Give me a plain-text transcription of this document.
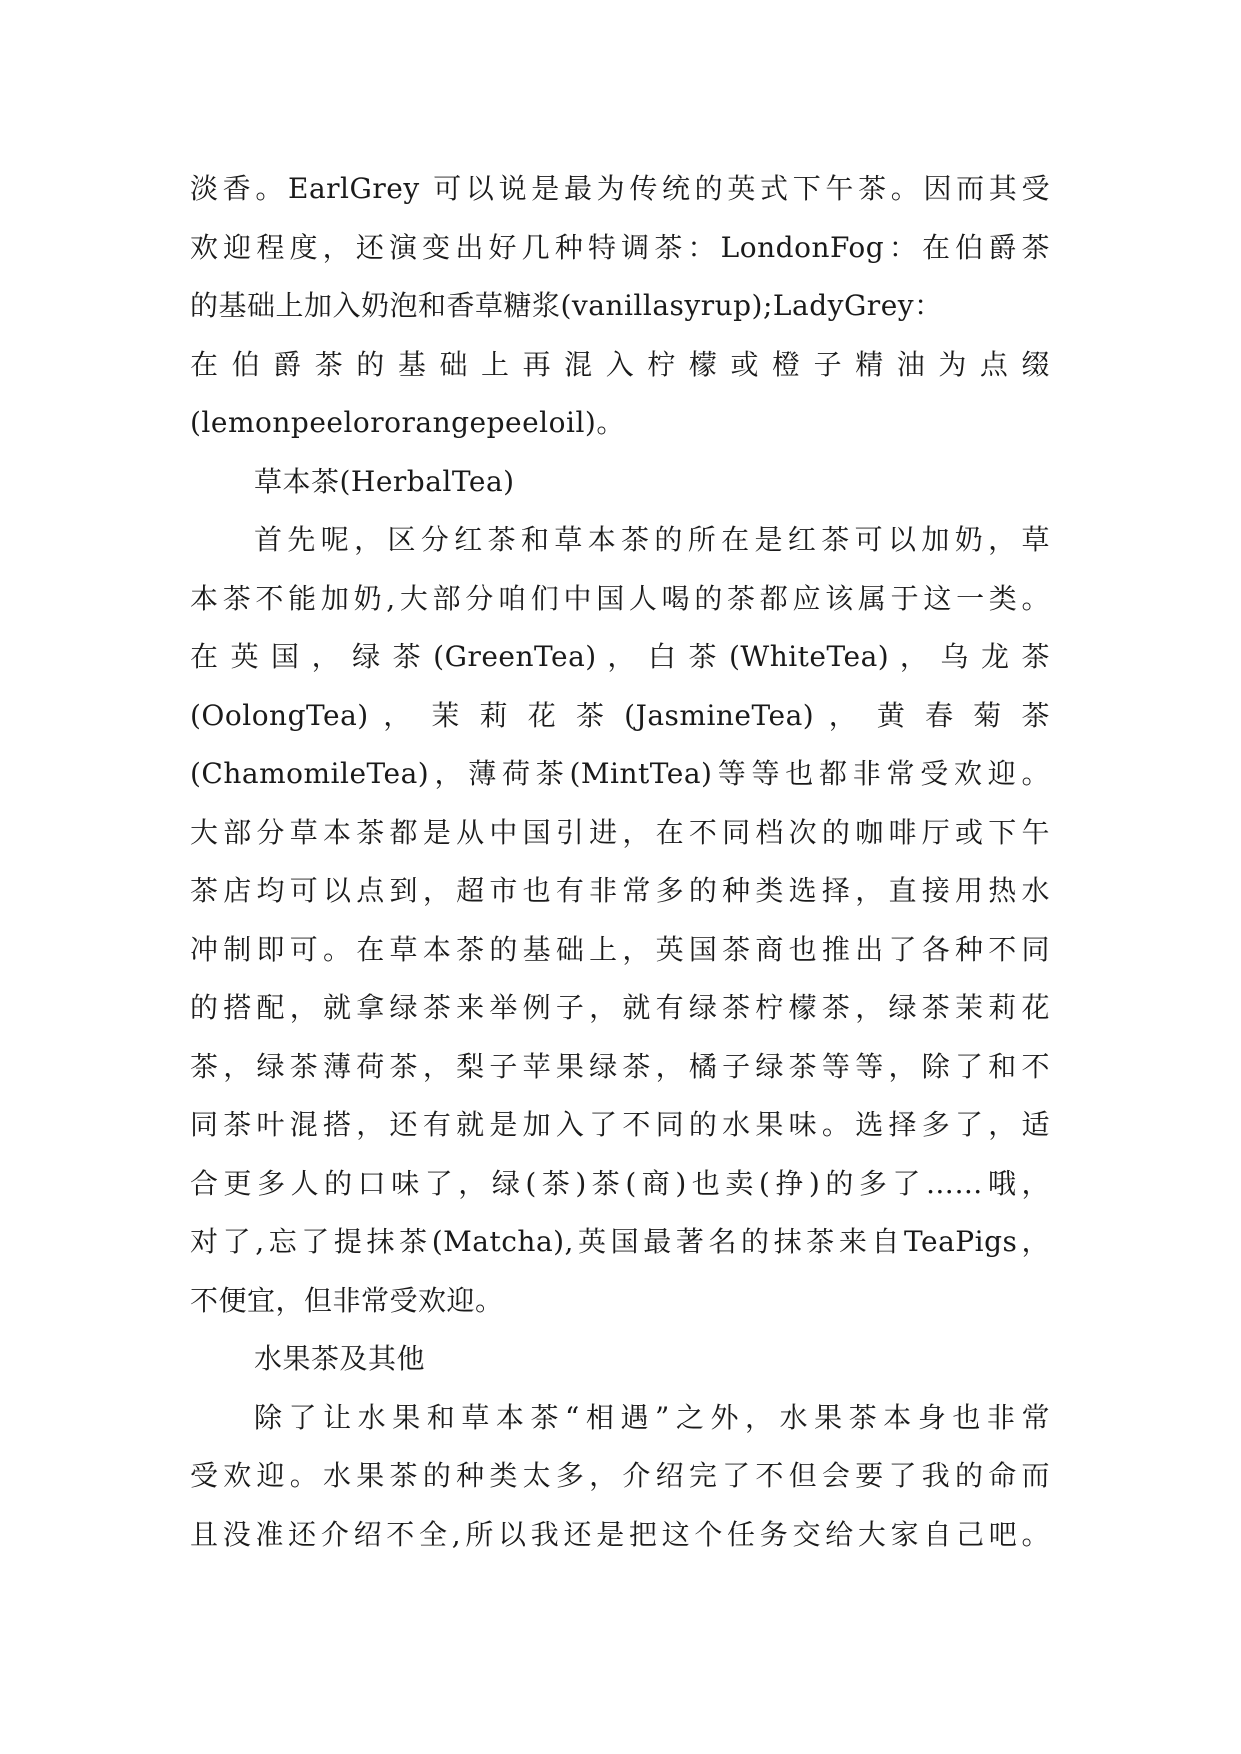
淡香。EarlGrey 可以说是最为传统的英式下午茶。因而其受
欢迎程度，还演变出好几种特调茶：LondonFog：在伯爵茶
的基础上加入奶泡和香草糖浆(vanillasyrup);LadyGrey：
在 伯 爵 茶 的 基 础 上 再 混 入 柠 檬 或 橙 子 精 油 为 点 缀
(lemonpeelororangepeeloil)。
草本茶(HerbalTea)
首先呢，区分红茶和草本茶的所在是红茶可以加奶，草
本茶不能加奶,大部分咱们中国人喝的茶都应该属于这一类。
在 英 国 ， 绿 茶 (GreenTea) ， 白 茶 (WhiteTea) ， 乌 龙 茶
(OolongTea) ， 茉 莉 花 茶 (JasmineTea) ， 黄 春 菊 茶
(ChamomileTea)，薄荷茶(MintTea)等等也都非常受欢迎。
大部分草本茶都是从中国引进，在不同档次的咖啡厅或下午
茶店均可以点到，超市也有非常多的种类选择，直接用热水
冲制即可。在草本茶的基础上，英国茶商也推出了各种不同
的搭配，就拿绿茶来举例子，就有绿茶柠檬茶，绿茶茉莉花
茶，绿茶薄荷茶，梨子苹果绿茶，橘子绿茶等等，除了和不
同茶叶混搭，还有就是加入了不同的水果味。选择多了，适
合更多人的口味了，绿(茶)茶(商)也卖(挣)的多了……哦，
对了,忘了提抹茶(Matcha),英国最著名的抹茶来自TeaPigs，
不便宜，但非常受欢迎。
水果茶及其他
除了让水果和草本茶“相遇”之外，水果茶本身也非常
受欢迎。水果茶的种类太多，介绍完了不但会要了我的命而
且没准还介绍不全,所以我还是把这个任务交给大家自己吧。
